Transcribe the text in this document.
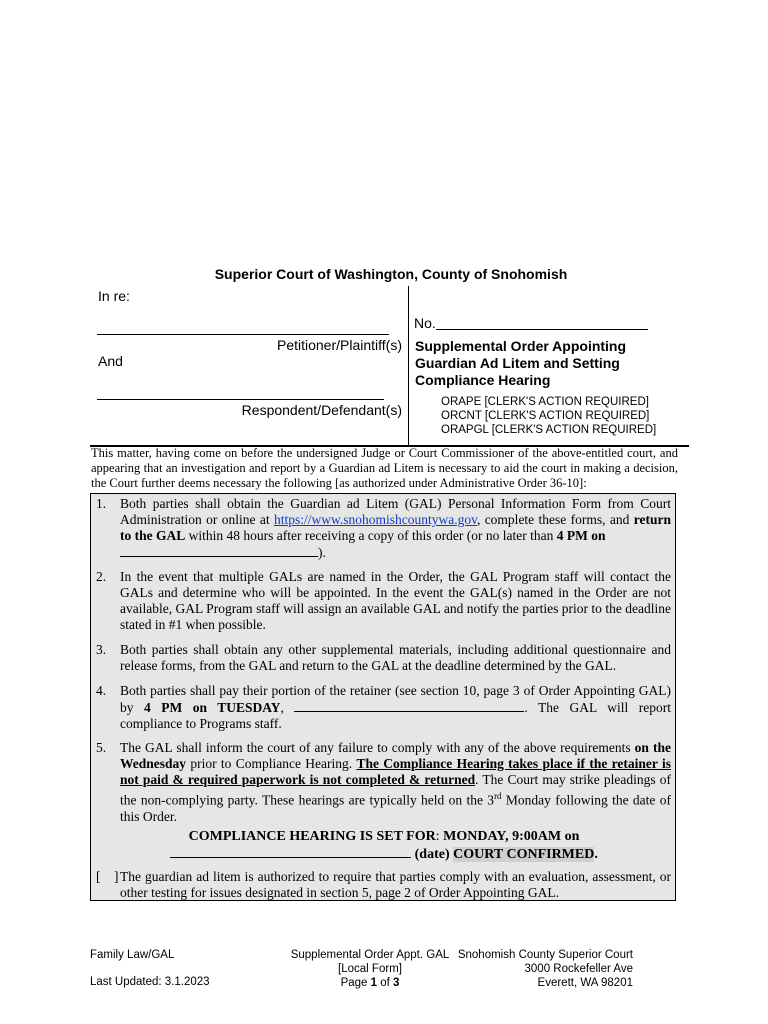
Superior Court of Washington, County of Snohomish
In re:
Petitioner/Plaintiff(s)
And
Respondent/Defendant(s)
No.
Supplemental Order Appointing
Guardian Ad Litem and Setting
Compliance Hearing
ORAPE [CLERK'S ACTION REQUIRED]
ORCNT [CLERK'S ACTION REQUIRED]
ORAPGL [CLERK'S ACTION REQUIRED]
This matter, having come on before the undersigned Judge or Court Commissioner of the above-entitled court, and appearing that an investigation and report by a Guardian ad Litem is necessary to aid the court in making a decision, the Court further deems necessary the following [as authorized under Administrative Order 36-10]:
1.	Both parties shall obtain the Guardian ad Litem (GAL) Personal Information Form from Court Administration or online at https://www.snohomishcountywa.gov, complete these forms, and return to the GAL within 48 hours after receiving a copy of this order (or no later than 4 PM on
).
2.	In the event that multiple GALs are named in the Order, the GAL Program staff will contact the GALs and determine who will be appointed. In the event the GAL(s) named in the Order are not available, GAL Program staff will assign an available GAL and notify the parties prior to the deadline stated in #1 when possible.
3.	Both parties shall obtain any other supplemental materials, including additional questionnaire and release forms, from the GAL and return to the GAL at the deadline determined by the GAL.
4.	Both parties shall pay their portion of the retainer (see section 10, page 3 of Order Appointing GAL) by 4 PM on TUESDAY,	. The GAL will report compliance to Programs staff.
5.	The GAL shall inform the court of any failure to comply with any of the above requirements on the Wednesday prior to Compliance Hearing. The Compliance Hearing takes place if the retainer is not paid & required paperwork is not completed & returned. The Court may strike pleadings of the non-complying party. These hearings are typically held on the 3rd Monday following the date of this Order.
COMPLIANCE HEARING IS SET FOR: MONDAY, 9:00AM on
(date) COURT CONFIRMED.
[    ] The guardian ad litem is authorized to require that parties comply with an evaluation, assessment, or other testing for issues designated in section 5, page 2 of Order Appointing GAL.
Family Law/GAL
Last Updated: 3.1.2023
Supplemental Order Appt. GAL
[Local Form]
Page 1 of 3
Snohomish County Superior Court
3000 Rockefeller Ave
Everett, WA 98201
